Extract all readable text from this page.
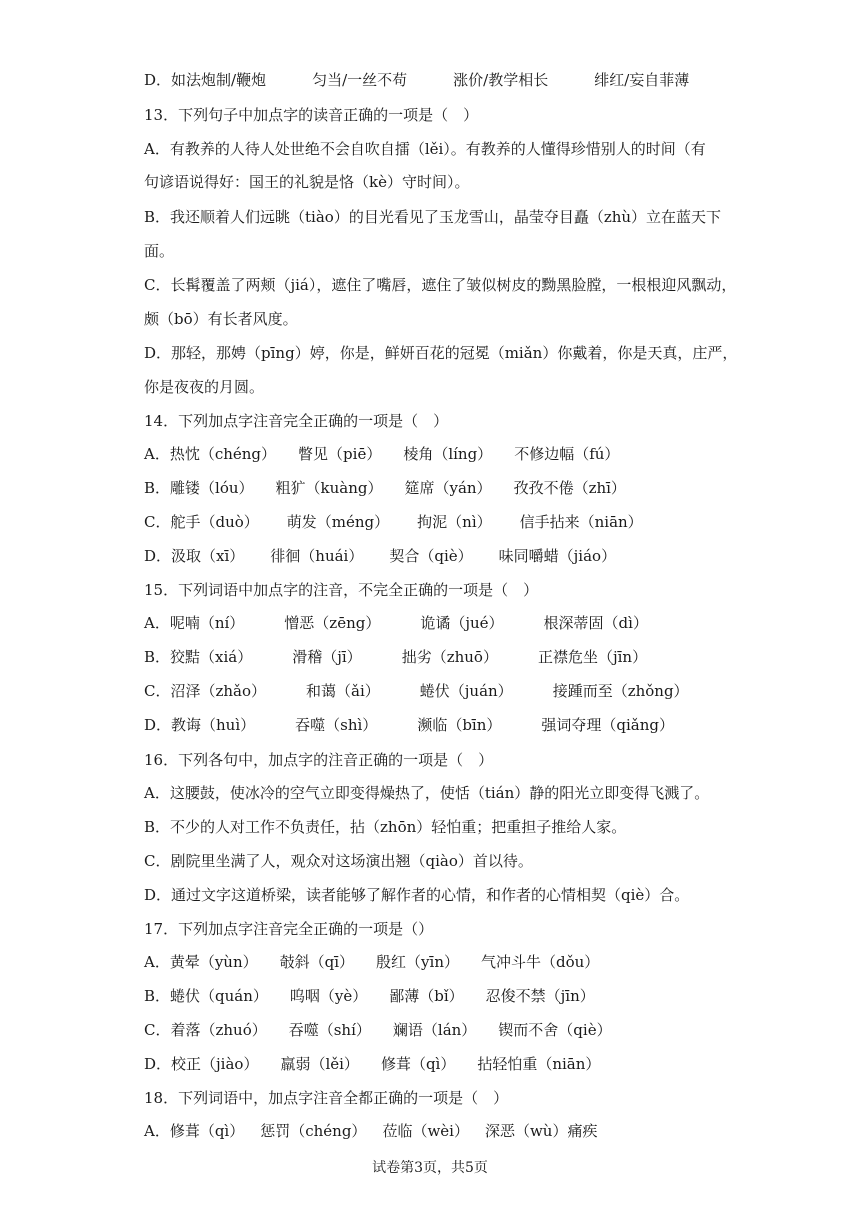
D．如法炮制/鞭炮	匀当/一丝不苟	涨价/教学相长	绯红/妄自菲薄
13．下列句子中加点字的读音正确的一项是（　）
A．有教养的人待人处世绝不会自吹自擂（lěi）。有教养的人懂得珍惜别人的时间（有
句谚语说得好：国王的礼貌是恪（kè）守时间）。
B．我还顺着人们远眺（tiào）的目光看见了玉龙雪山，晶莹夺目矗（zhù）立在蓝天下
面。
C．长髯覆盖了两颊（jiá），遮住了嘴唇，遮住了皱似树皮的黝黑脸膛，一根根迎风飘动，
颇（bō）有长者风度。
D．那轻，那娉（pīng）婷，你是，鲜妍百花的冠冕（miǎn）你戴着，你是天真，庄严，
你是夜夜的月圆。
14．下列加点字注音完全正确的一项是（　）
A．热忱（chéng） 瞥见（piē） 棱角（líng） 不修边幅（fú）
B．雕镂（lóu） 粗犷（kuàng） 筵席（yán） 孜孜不倦（zhī）
C．舵手（duò） 萌发（méng） 拘泥（nì） 信手拈来（niān）
D．汲取（xī） 徘徊（huái） 契合（qiè） 味同嚼蜡（jiáo）
15．下列词语中加点字的注音，不完全正确的一项是（　）
A．呢喃（ní）	憎恶（zēng）	诡谲（jué）	根深蒂固（dì）
B．狡黠（xiá）	滑稽（jī）	拙劣（zhuō）	正襟危坐（jīn）
C．沼泽（zhǎo）	和蔼（ǎi）	蜷伏（juán）	接踵而至（zhǒng）
D．教诲（huì）	吞噬（shì）	濒临（bīn）	强词夺理（qiǎng）
16．下列各句中，加点字的注音正确的一项是（　）
A．这腰鼓，使冰冷的空气立即变得燥热了，使恬（tián）静的阳光立即变得飞溅了。
B．不少的人对工作不负责任，拈（zhōn）轻怕重；把重担子推给人家。
C．剧院里坐满了人，观众对这场演出翘（qiào）首以待。
D．通过文字这道桥梁，读者能够了解作者的心情，和作者的心情相契（qiè）合。
17．下列加点字注音完全正确的一项是（）
A．黄晕（yùn） 攲斜（qī） 殷红（yīn） 气冲斗牛（dǒu）
B．蜷伏（quán） 呜咽（yè） 鄙薄（bǐ） 忍俊不禁（jīn）
C．着落（zhuó） 吞噬（shí） 斓语（lán） 锲而不舍（qiè）
D．校正（jiào） 羸弱（lěi） 修葺（qì） 拈轻怕重（niān）
18．下列词语中，加点字注音全都正确的一项是（　）
A．修葺（qì） 惩罚（chéng） 莅临（wèi） 深恶（wù）痛疾
试卷第3页，共5页
